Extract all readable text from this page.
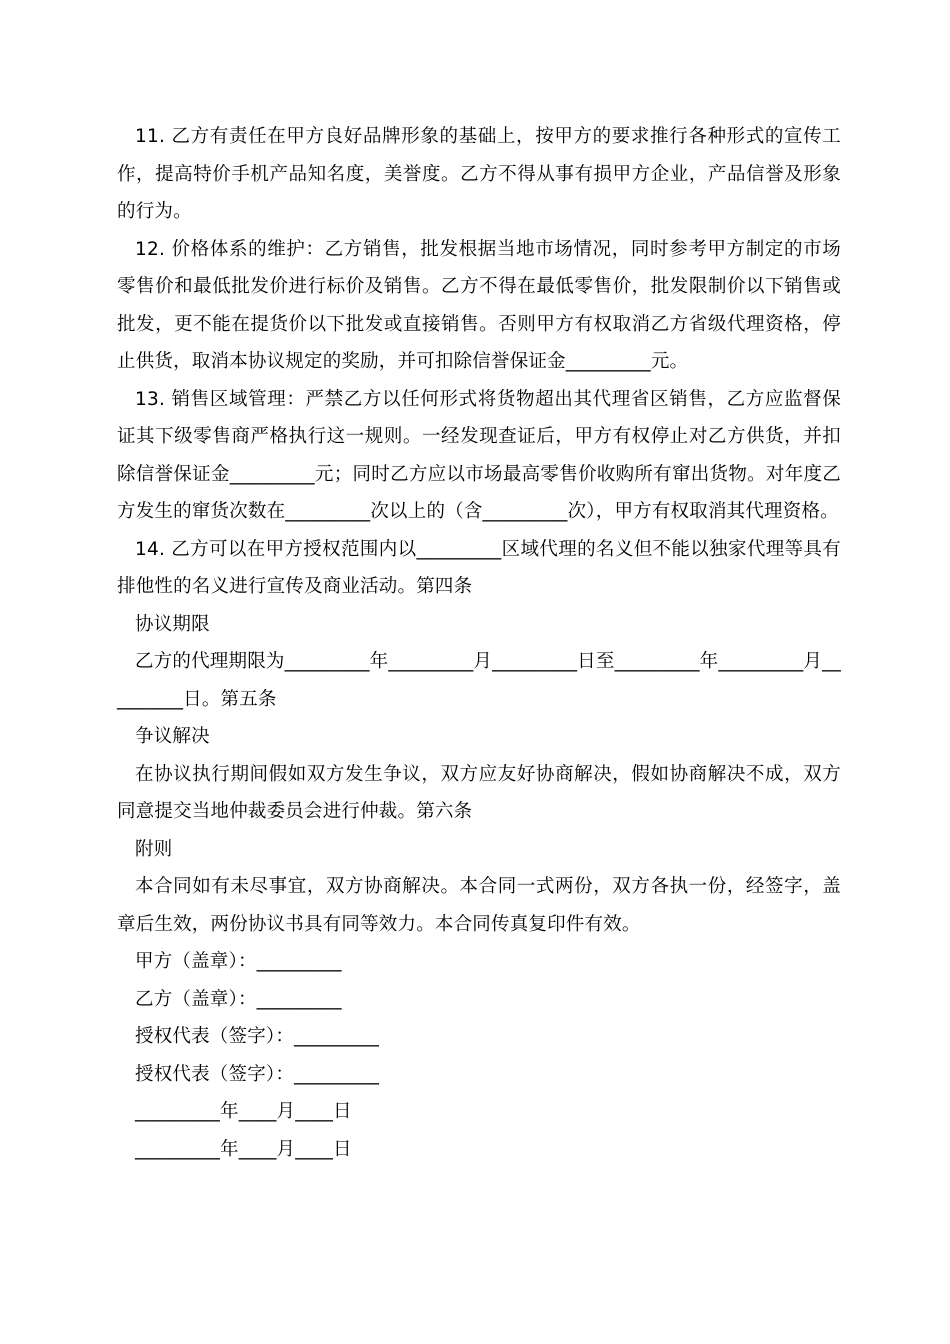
11. 乙方有责任在甲方良好品牌形象的基础上，按甲方的要求推行各种形式的宣传工作，提高特价手机产品知名度，美誉度。乙方不得从事有损甲方企业，产品信誉及形象的行为。

12. 价格体系的维护：乙方销售，批发根据当地市场情况，同时参考甲方制定的市场零售价和最低批发价进行标价及销售。乙方不得在最低零售价，批发限制价以下销售或批发，更不能在提货价以下批发或直接销售。否则甲方有权取消乙方省级代理资格，停止供货，取消本协议规定的奖励，并可扣除信誉保证金_________元。

13. 销售区域管理：严禁乙方以任何形式将货物超出其代理省区销售，乙方应监督保证其下级零售商严格执行这一规则。一经发现查证后，甲方有权停止对乙方供货，并扣除信誉保证金_________元；同时乙方应以市场最高零售价收购所有窜出货物。对年度乙方发生的窜货次数在_________次以上的（含_________次），甲方有权取消其代理资格。

14. 乙方可以在甲方授权范围内以_________区域代理的名义但不能以独家代理等具有排他性的名义进行宣传及商业活动。第四条

协议期限

乙方的代理期限为_________年_________月_________日至_________年_________月_________日。第五条

争议解决

在协议执行期间假如双方发生争议，双方应友好协商解决，假如协商解决不成，双方同意提交当地仲裁委员会进行仲裁。第六条

附则

本合同如有未尽事宜，双方协商解决。本合同一式两份，双方各执一份，经签字，盖章后生效，两份协议书具有同等效力。本合同传真复印件有效。

甲方（盖章）：_________

乙方（盖章）：_________

授权代表（签字）：_________

授权代表（签字）：_________

_________年____月____日

_________年____月____日
